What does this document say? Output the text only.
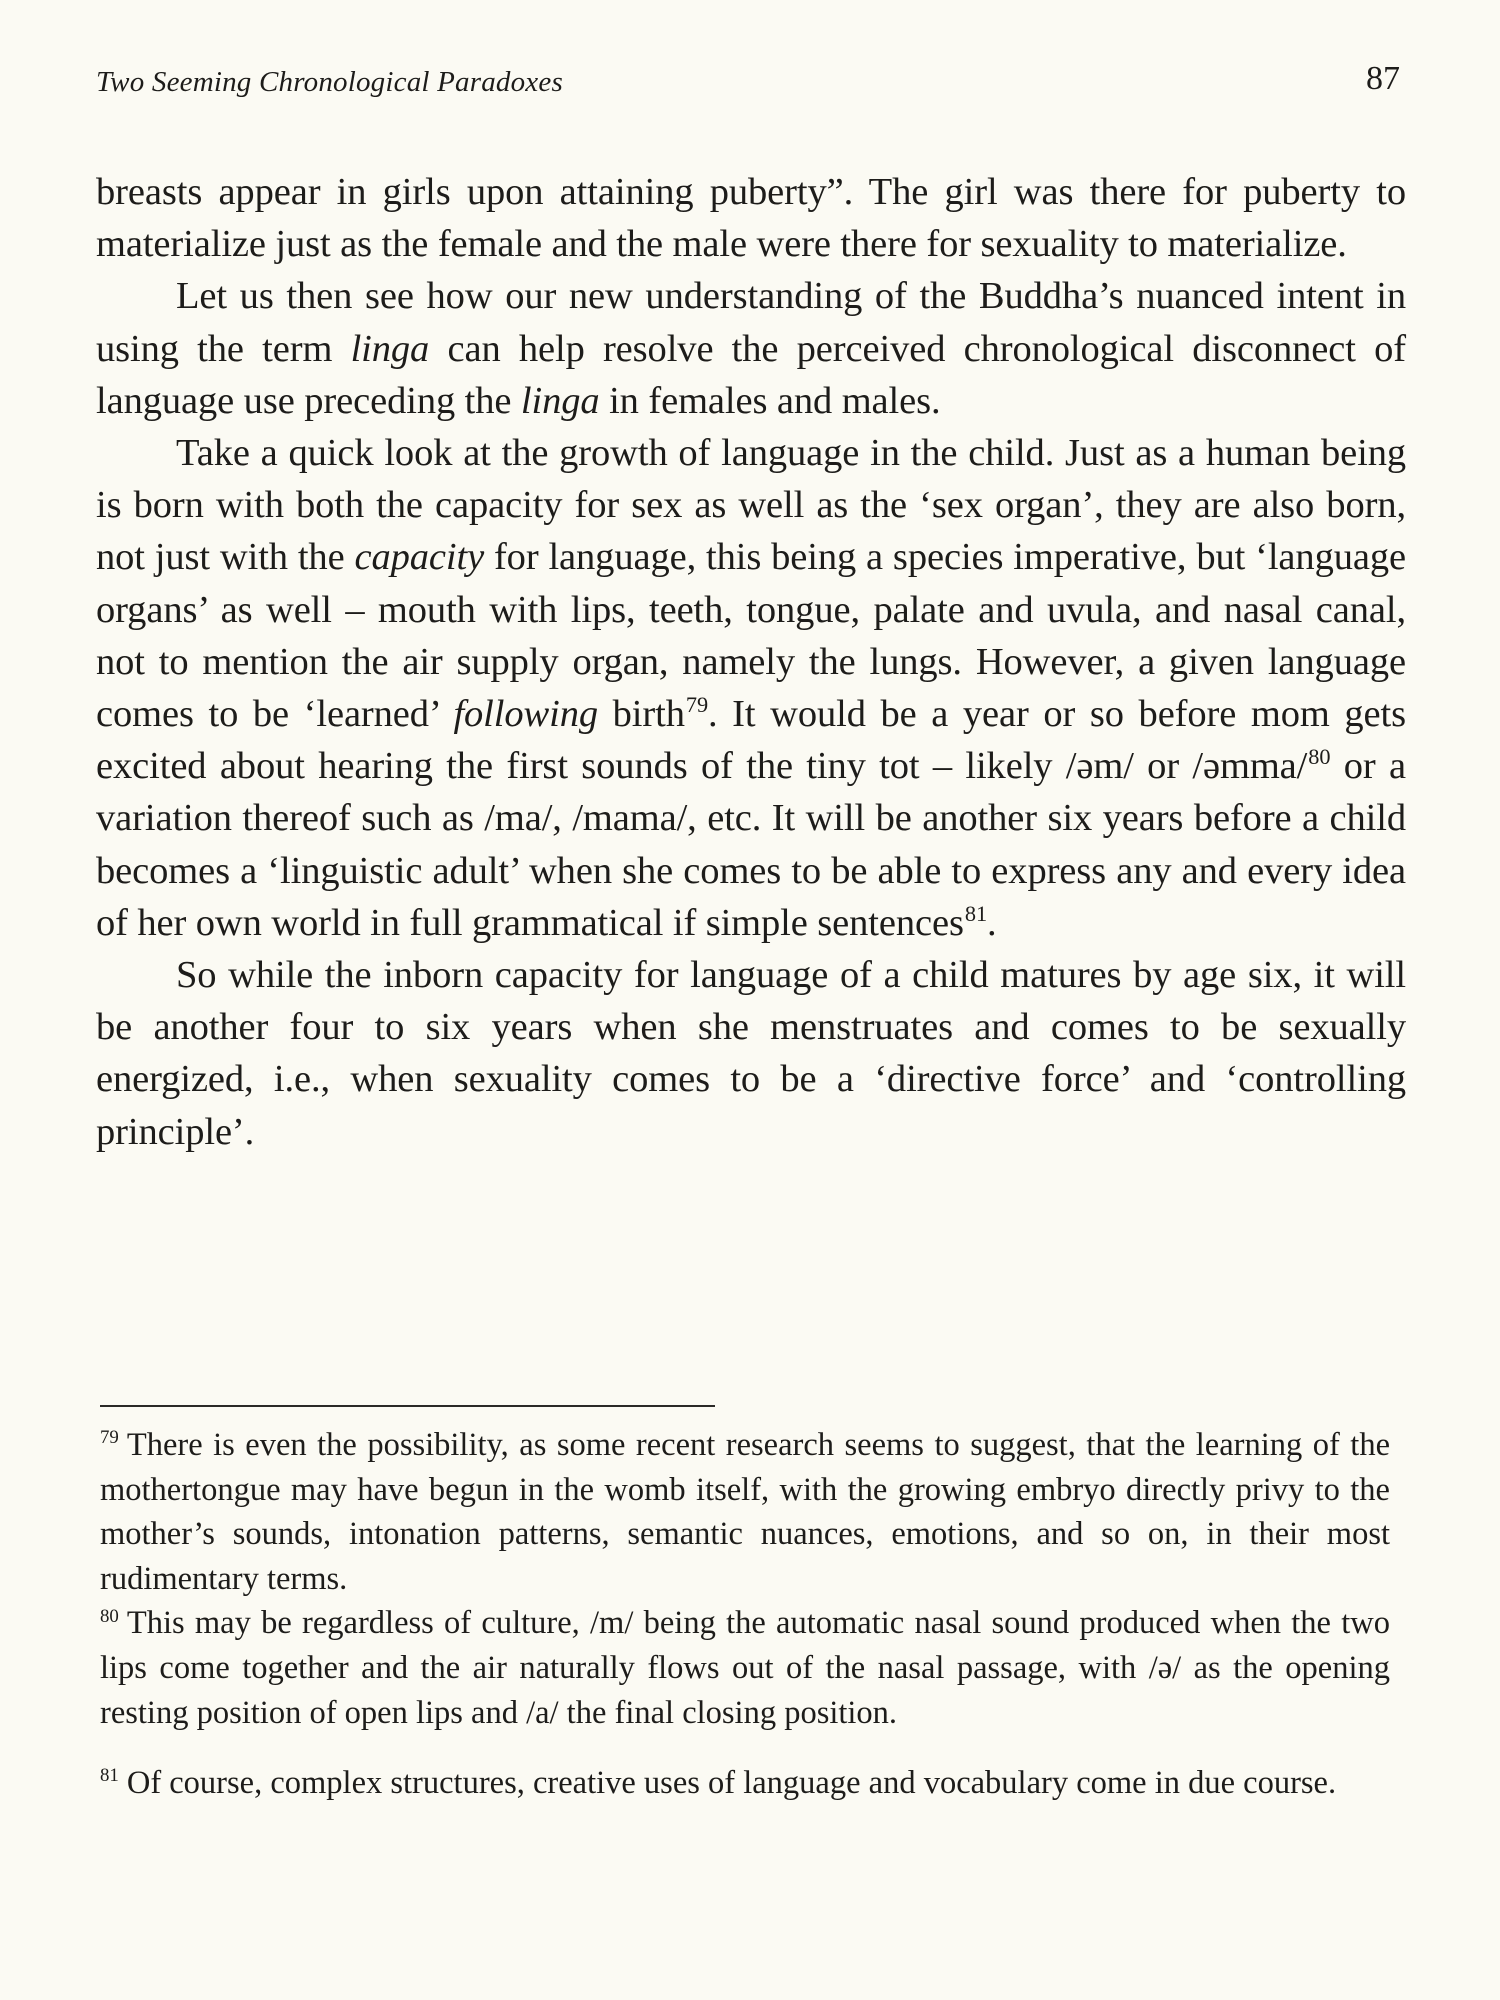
Two Seeming Chronological Paradoxes	87

breasts appear in girls upon attaining puberty”. The girl was there for puberty to materialize just as the female and the male were there for sexuality to materialize.

Let us then see how our new understanding of the Buddha’s nuanced intent in using the term linga can help resolve the perceived chronological disconnect of language use preceding the linga in females and males.

Take a quick look at the growth of language in the child. Just as a human being is born with both the capacity for sex as well as the ‘sex organ’, they are also born, not just with the capacity for language, this being a species imperative, but ‘language organs’ as well – mouth with lips, teeth, tongue, palate and uvula, and nasal canal, not to mention the air supply organ, namely the lungs. However, a given language comes to be ‘learned’ following birth$^{79}$. It would be a year or so before mom gets excited about hearing the first sounds of the tiny tot – likely /əm/ or /əmma/$^{80}$ or a variation thereof such as /ma/, /mama/, etc. It will be another six years before a child becomes a ‘linguistic adult’ when she comes to be able to express any and every idea of her own world in full grammatical if simple sentences$^{81}$.

So while the inborn capacity for language of a child matures by age six, it will be another four to six years when she menstruates and comes to be sexually energized, i.e., when sexuality comes to be a ‘directive force’ and ‘controlling principle’.

$^{79}$ There is even the possibility, as some recent research seems to suggest, that the learning of the mothertongue may have begun in the womb itself, with the growing embryo directly privy to the mother’s sounds, intonation patterns, semantic nuances, emotions, and so on, in their most rudimentary terms.

$^{80}$ This may be regardless of culture, /m/ being the automatic nasal sound produced when the two lips come together and the air naturally flows out of the nasal passage, with /ə/ as the opening resting position of open lips and /a/ the final closing position.

$^{81}$ Of course, complex structures, creative uses of language and vocabulary come in due course.
